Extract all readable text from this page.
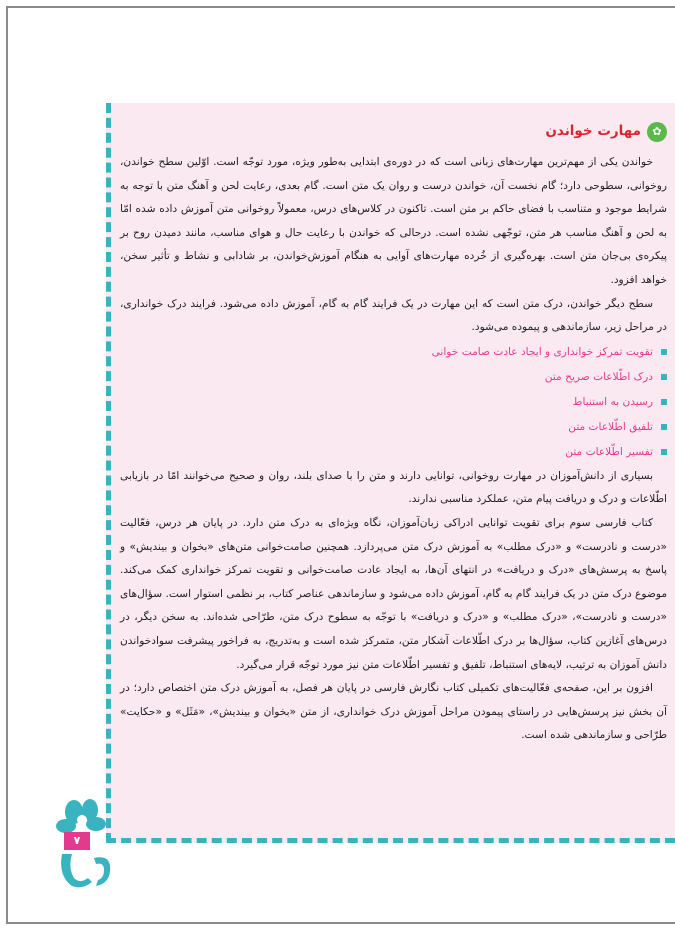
✿
مهارت خواندن

خواندن یکی از مهم‌ترین مهارت‌های زبانی است که در دوره‌ی ابتدایی به‌طور ویژه، مورد توجّه است. اوّلین سطح خواندن، روخوانی، سطوحی دارد؛ گام نخست آن، خواندن درست و روان یک متن است. گام بعدی، رعایت لحن و آهنگ متن با توجه به شرایط موجود و متناسب با فضای حاکم بر متن است. تاکنون در کلاس‌های درس، معمولاً روخوانی متن آموزش داده شده امّا به لحن و آهنگ مناسب هر متن، توجّهی نشده است. درحالی که خواندن با رعایت حال و هوای مناسب، مانند دمیدن روح بر پیکره‌ی بی‌جان متن است. بهره‌گیری از خُرده مهارت‌های آوایی به هنگام آموزش‌خواندن، بر شادابی و نشاط و تأثیر سخن، خواهد افزود.

سطح دیگر خواندن، درک متن است که این مهارت در یک فرایند گام به گام، آموزش داده می‌شود. فرایند درک خوانداری، در مراحل زیر، سازماندهی و پیموده می‌شود.

تقویت تمرکز خوانداری و ایجاد عادت صامت خوانی
درک اطّلاعات صریح متن
رسیدن به استنباط
تلفیق اطّلاعات متن
تفسیر اطّلاعات متن

بسیاری از دانش‌آموزان در مهارت روخوانی، توانایی دارند و متن را با صدای بلند، روان و صحیح می‌خوانند امّا در بازیابی اطّلاعات و درک و دریافت پیام متن، عملکرد مناسبی ندارند.

کتاب فارسی سوم برای تقویت توانایی ادراکی زبان‌آموزان، نگاه ویژه‌ای به درک متن دارد. در پایان هر درس، فعّالیت «درست و نادرست» و «درک مطلب» به آموزش درک متن می‌پردازد. همچنین صامت‌خوانی متن‌های «بخوان و بیندیش» و پاسخ به پرسش‌های «درک و دریافت» در انتهای آن‌ها، به ایجاد عادت صامت‌خوانی و تقویت تمرکز خوانداری کمک می‌کند. موضوع درک متن در یک فرایند گام به گام، آموزش داده می‌شود و سازماندهی عناصر کتاب، بر نظمی استوار است. سؤال‌های «درست و نادرست»، «درک مطلب» و «درک و دریافت» با توجّه به سطوح درک متن، طرّاحی شده‌اند. به سخن دیگر، در درس‌های آغازین کتاب، سؤال‌ها بر درک اطّلاعات آشکار متن، متمرکز شده است و به‌تدریج، به فراخور پیشرفت سوادخواندن دانش آموزان به ترتیب، لایه‌های استنباط، تلفیق و تفسیر اطّلاعات متن نیز مورد توجّه قرار می‌گیرد.

افزون بر این، صفحه‌ی فعّالیت‌های تکمیلی کتاب نگارش فارسی در پایان هر فصل، به آموزش درک متن اختصاص دارد؛ در آن بخش نیز پرسش‌هایی در راستای پیمودن مراحل آموزش درک خوانداری، از متن «بخوان و بیندیش»، «مَثَل» و «حکایت» طرّاحی و سازماندهی شده است.

۷
